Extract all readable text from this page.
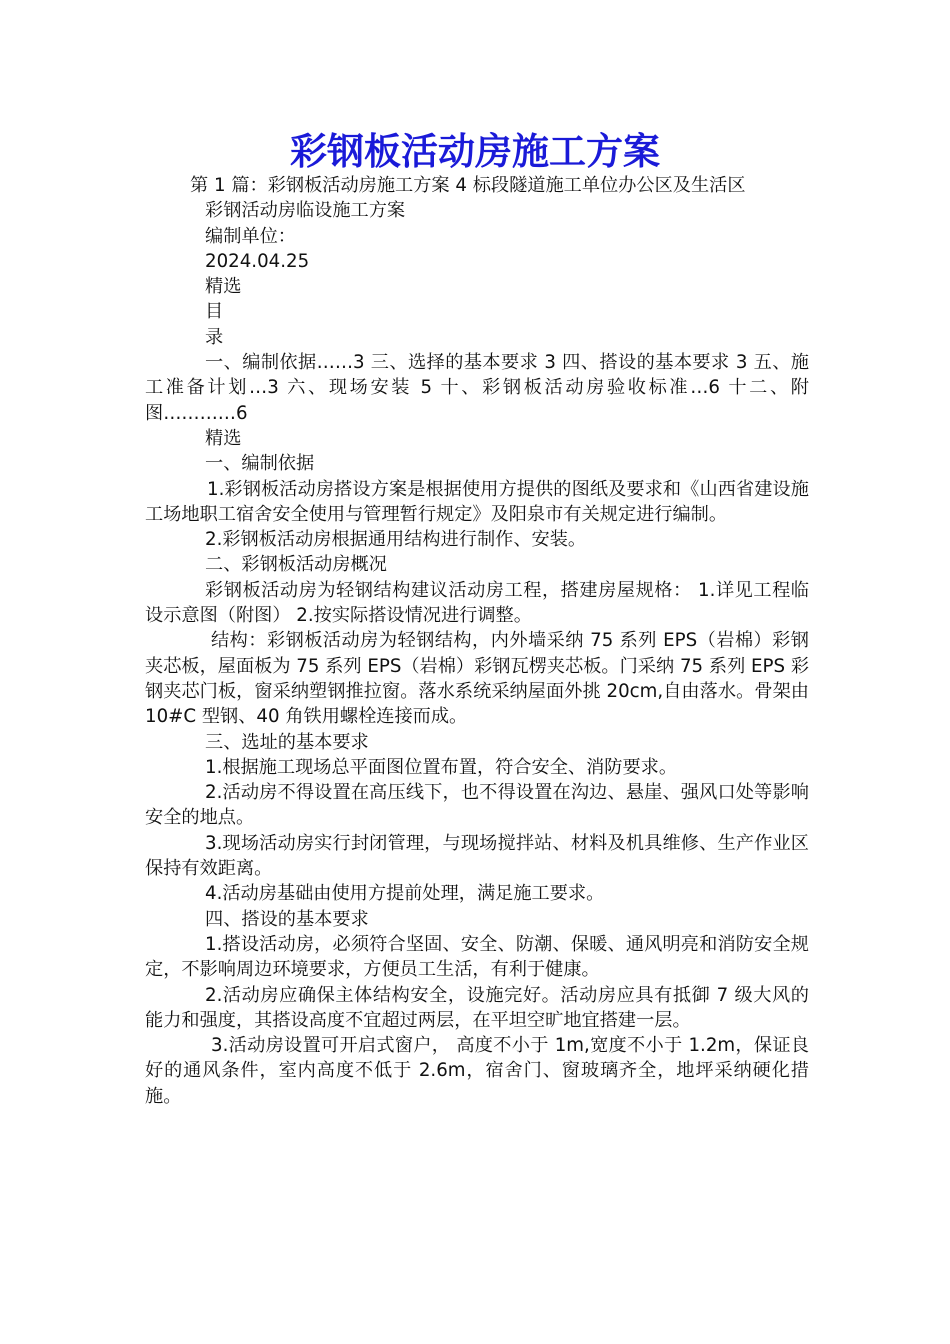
彩钢板活动房施工方案

第 1 篇：彩钢板活动房施工方案 4 标段隧道施工单位办公区及生活区

彩钢活动房临设施工方案

编制单位：

2024.04.25

精选

目

录

一、编制依据……3 三、选择的基本要求 3 四、搭设的基本要求 3 五、施工准备计划…3 六、现场安装 5 十、彩钢板活动房验收标准…6 十二、附图…………6

精选

一、编制依据

1.彩钢板活动房搭设方案是根据使用方提供的图纸及要求和《山西省建设施工场地职工宿舍安全使用与管理暂行规定》及阳泉市有关规定进行编制。

2.彩钢板活动房根据通用结构进行制作、安装。

二、彩钢板活动房概况

彩钢板活动房为轻钢结构建议活动房工程，搭建房屋规格： 1.详见工程临设示意图（附图） 2.按实际搭设情况进行调整。

结构：彩钢板活动房为轻钢结构，内外墙采纳 75 系列 EPS（岩棉）彩钢夹芯板，屋面板为 75 系列 EPS（岩棉）彩钢瓦楞夹芯板。门采纳 75 系列 EPS 彩钢夹芯门板，窗采纳塑钢推拉窗。落水系统采纳屋面外挑 20cm,自由落水。骨架由 10#C 型钢、40 角铁用螺栓连接而成。

三、选址的基本要求

1.根据施工现场总平面图位置布置，符合安全、消防要求。

2.活动房不得设置在高压线下，也不得设置在沟边、悬崖、强风口处等影响安全的地点。

3.现场活动房实行封闭管理，与现场搅拌站、材料及机具维修、生产作业区保持有效距离。

4.活动房基础由使用方提前处理，满足施工要求。

四、搭设的基本要求

1.搭设活动房，必须符合坚固、安全、防潮、保暖、通风明亮和消防安全规定，不影响周边环境要求，方便员工生活，有利于健康。

2.活动房应确保主体结构安全，设施完好。活动房应具有抵御 7 级大风的能力和强度，其搭设高度不宜超过两层，在平坦空旷地宜搭建一层。

3.活动房设置可开启式窗户， 高度不小于 1m,宽度不小于 1.2m，保证良好的通风条件，室内高度不低于 2.6m，宿舍门、窗玻璃齐全，地坪采纳硬化措施。
